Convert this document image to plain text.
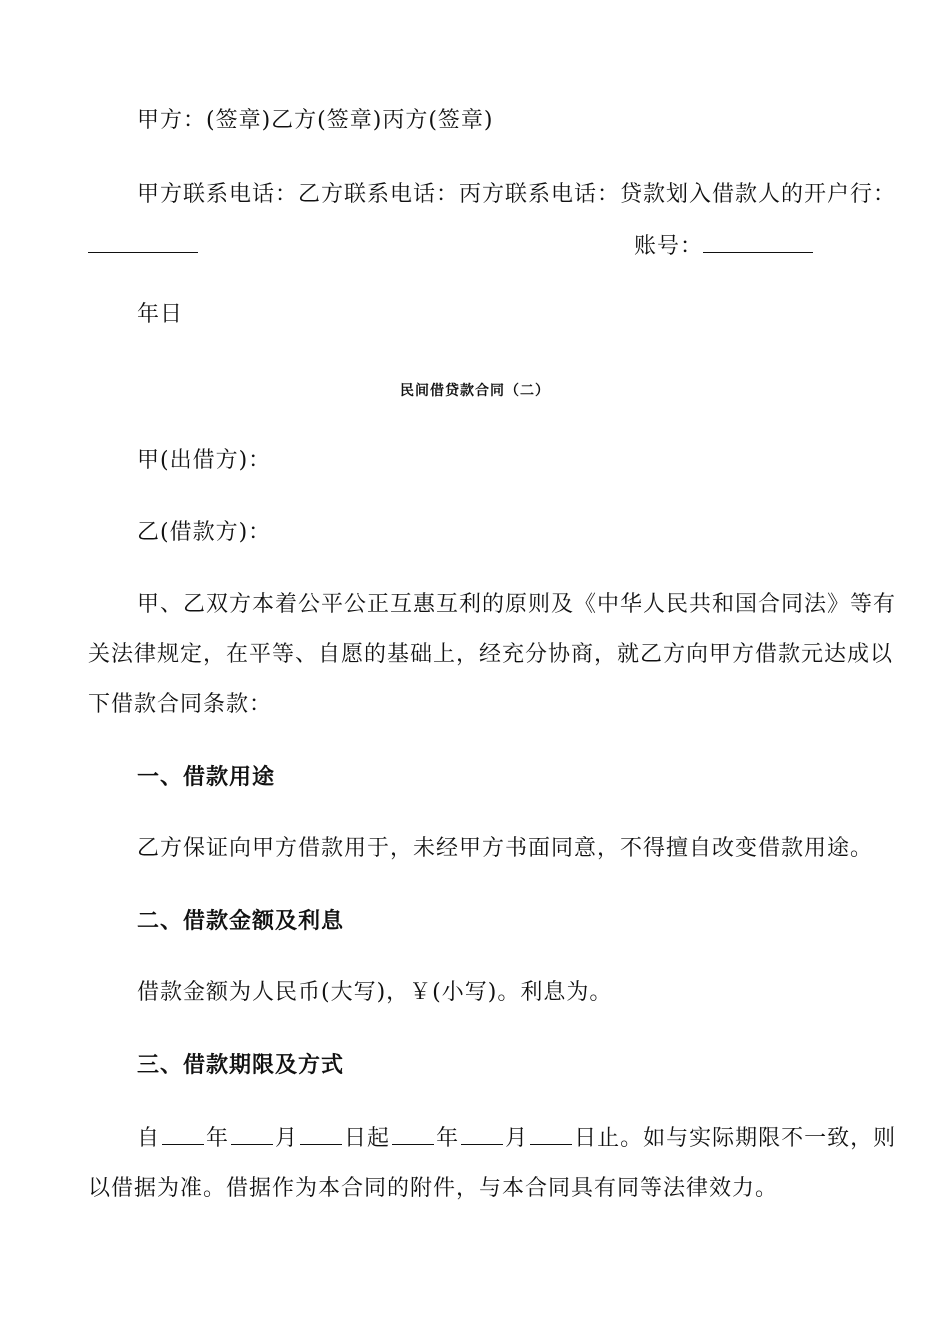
甲方：(签章)乙方(签章)丙方(签章)
甲方联系电话：乙方联系电话：丙方联系电话：贷款划入借款人的开户行：
账号：
年日
民间借贷款合同（二）
甲(出借方)：
乙(借款方)：
甲、乙双方本着公平公正互惠互利的原则及《中华人民共和国合同法》等有
关法律规定，在平等、自愿的基础上，经充分协商，就乙方向甲方借款元达成以
下借款合同条款：
一、借款用途
乙方保证向甲方借款用于，未经甲方书面同意，不得擅自改变借款用途。
二、借款金额及利息
借款金额为人民币(大写)，￥(小写)。利息为。
三、借款期限及方式
自 年 月 日起 年 月 日止。如与实际期限不一致，则
以借据为准。借据作为本合同的附件，与本合同具有同等法律效力。
